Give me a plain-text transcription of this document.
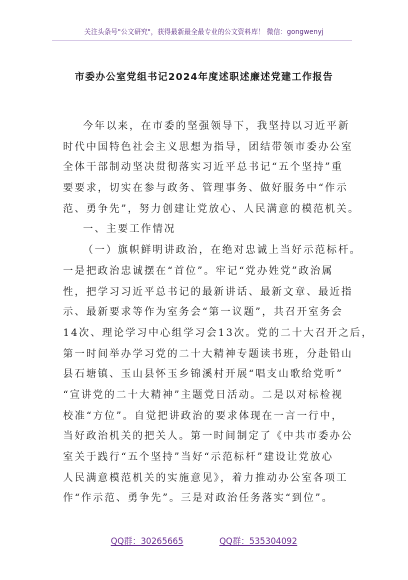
关注头条号"公文研究"，获得最新最全最专业的公文资料库！ 微信：gongwenyj
市委办公室党组书记2024年度述职述廉述党建工作报告
今年以来，在市委的坚强领导下，我坚持以习近平新
时代中国特色社会主义思想为指导，团结带领市委办公室
全体干部制动坚决贯彻落实习近平总书记“五个坚持”重
要要求，切实在参与政务、管理事务、做好服务中“作示
范、勇争先”，努力创建让党放心、人民满意的模范机关。
一、主要工作情况
（一）旗帜鲜明讲政治，在绝对忠诚上当好示范标杆。
一是把政治忠诚摆在“首位”。牢记“党办姓党”政治属
性，把学习习近平总书记的最新讲话、最新文章、最近指
示、最新要求等作为室务会“第一议题”，共召开室务会
14次、理论学习中心组学习会13次。党的二十大召开之后，
第一时间举办学习党的二十大精神专题读书班，分赴铅山
县石塘镇、玉山县怀玉乡锦溪村开展“唱支山歌给党听”
“宣讲党的二十大精神”主题党日活动。二是以对标检视
校准“方位”。自觉把讲政治的要求体现在一言一行中，
当好政治机关的把关人。第一时间制定了《中共市委办公
室关于践行“五个坚持”当好“示范标杆”建设让党放心
人民满意模范机关的实施意见》，着力推动办公室各项工
作“作示范、勇争先”。三是对政治任务落实“到位”。
QQ群：30265665	QQ群：535304092
